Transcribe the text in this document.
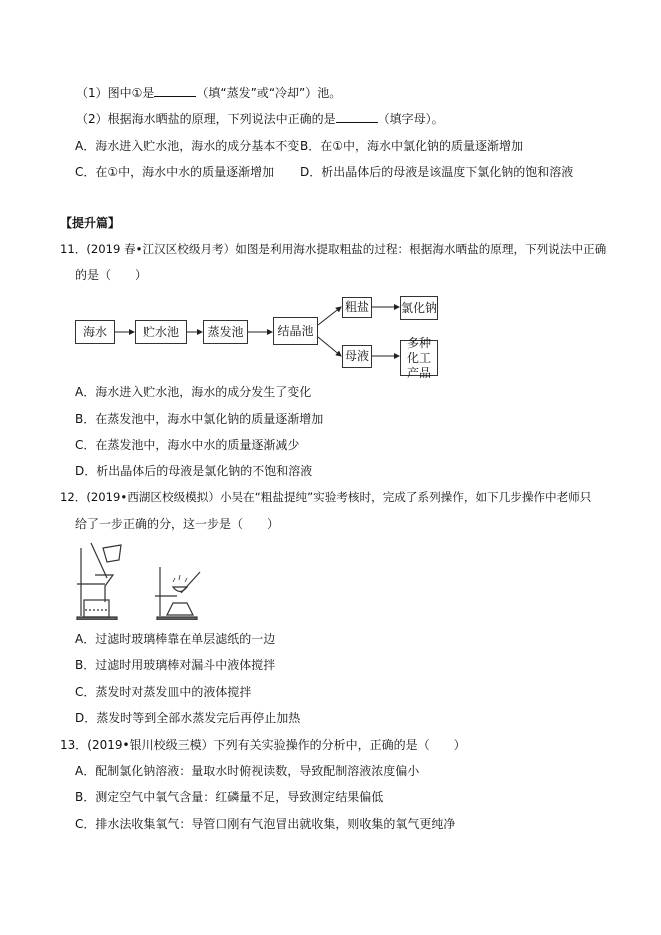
（1）图中①是	（填“蒸发”或“冷却”）池。
（2）根据海水晒盐的原理，下列说法中正确的是	（填字母）。
A．海水进入贮水池，海水的成分基本不变 B．在①中，海水中氯化钠的质量逐渐增加
C．在①中，海水中水的质量逐渐增加 D．析出晶体后的母液是该温度下氯化钠的饱和溶液
【提升篇】
11．(2019 春•江汉区校级月考）如图是利用海水提取粗盐的过程：根据海水晒盐的原理，下列说法中正确
的是（　　）
海水	贮水池	蒸发池	结晶池
粗盐	氯化钠
母液
多种化工产品
A．海水进入贮水池，海水的成分发生了变化
B．在蒸发池中，海水中氯化钠的质量逐渐增加
C．在蒸发池中，海水中水的质量逐渐减少
D．析出晶体后的母液是氯化钠的不饱和溶液
12．(2019•西湖区校级模拟）小吴在“粗盐提纯”实验考核时，完成了系列操作，如下几步操作中老师只
给了一步正确的分，这一步是（　　）
A．过滤时玻璃棒靠在单层滤纸的一边
B．过滤时用玻璃棒对漏斗中液体搅拌
C．蒸发时对蒸发皿中的液体搅拌
D．蒸发时等到全部水蒸发完后再停止加热
13．(2019•银川校级三模）下列有关实验操作的分析中，正确的是（　　）
A．配制氯化钠溶液：量取水时俯视读数，导致配制溶液浓度偏小
B．测定空气中氧气含量：红磷量不足，导致测定结果偏低
C．排水法收集氧气：导管口刚有气泡冒出就收集，则收集的氧气更纯净
